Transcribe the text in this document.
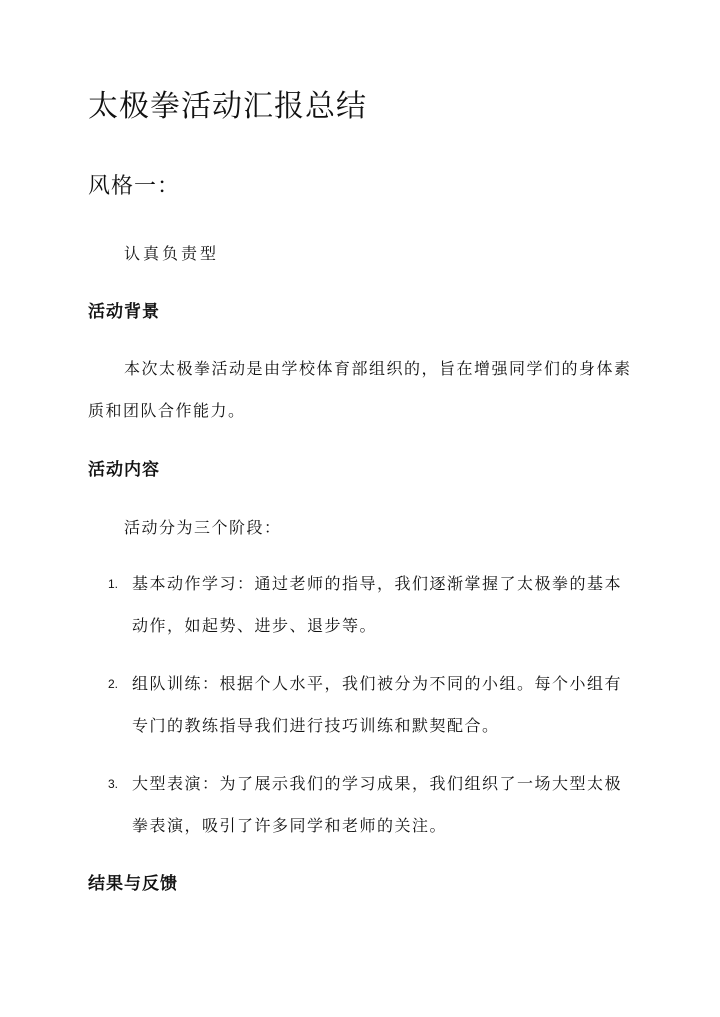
太极拳活动汇报总结
风格一：

认真负责型

活动背景

本次太极拳活动是由学校体育部组织的，旨在增强同学们的身体素质和团队合作能力。

活动内容

活动分为三个阶段：

1. 基本动作学习：通过老师的指导，我们逐渐掌握了太极拳的基本动作，如起势、进步、退步等。
2. 组队训练：根据个人水平，我们被分为不同的小组。每个小组有专门的教练指导我们进行技巧训练和默契配合。
3. 大型表演：为了展示我们的学习成果，我们组织了一场大型太极拳表演，吸引了许多同学和老师的关注。
结果与反馈
